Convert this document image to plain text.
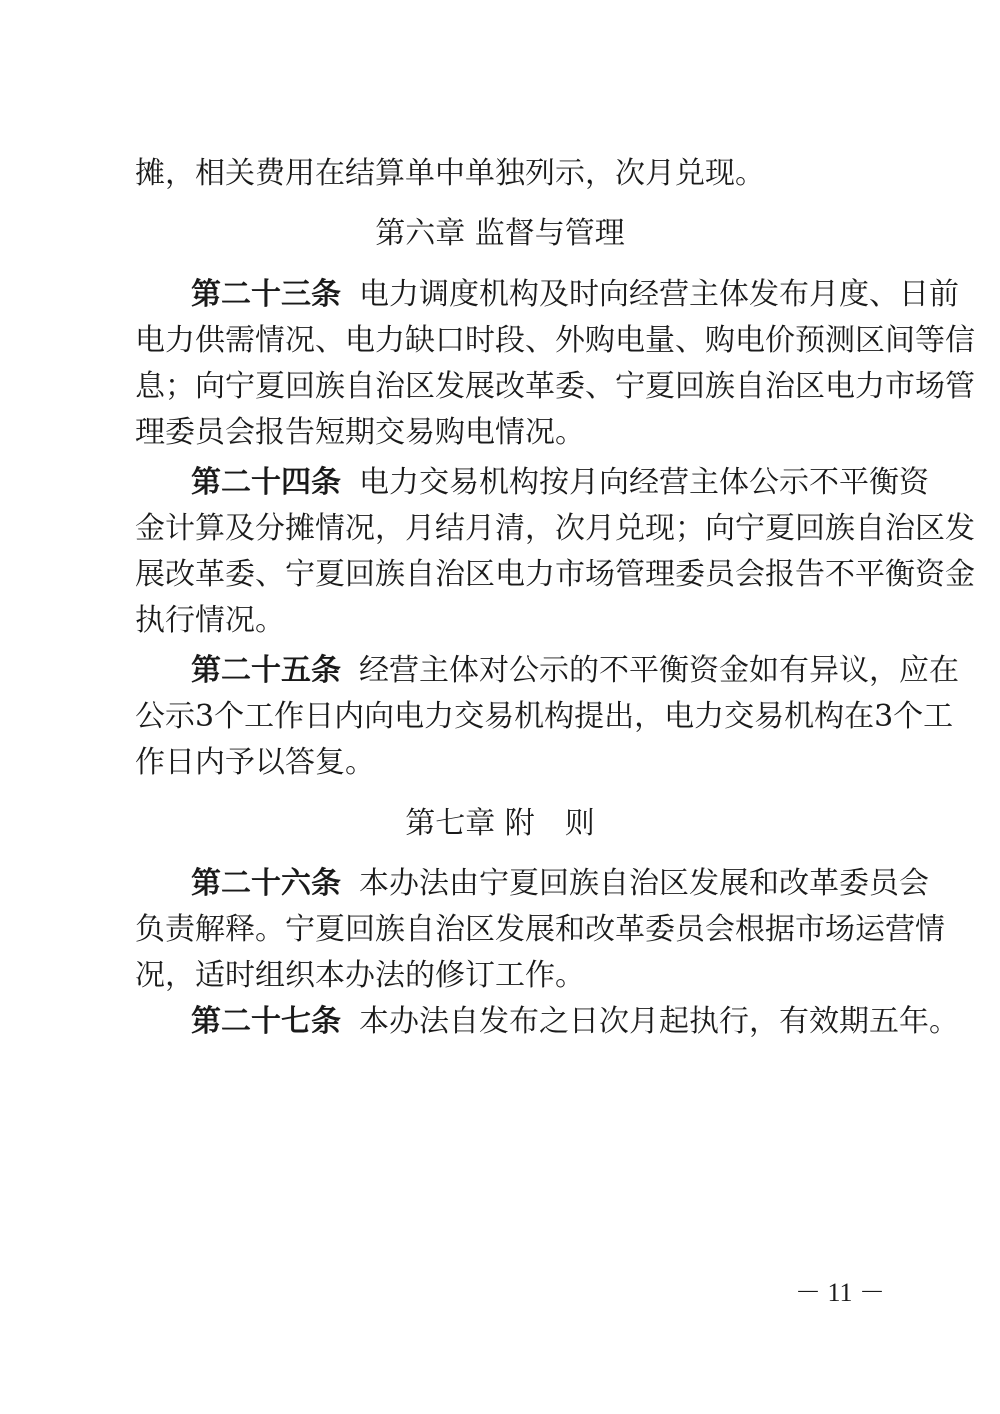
摊，相关费用在结算单中单独列示，次月兑现。
第六章 监督与管理
第二十三条 电力调度机构及时向经营主体发布月度、日前
电力供需情况、电力缺口时段、外购电量、购电价预测区间等信
息；向宁夏回族自治区发展改革委、宁夏回族自治区电力市场管
理委员会报告短期交易购电情况。
第二十四条 电力交易机构按月向经营主体公示不平衡资
金计算及分摊情况，月结月清，次月兑现；向宁夏回族自治区发
展改革委、宁夏回族自治区电力市场管理委员会报告不平衡资金
执行情况。
第二十五条 经营主体对公示的不平衡资金如有异议，应在
公示3个工作日内向电力交易机构提出，电力交易机构在3个工
作日内予以答复。
第七章 附　则
第二十六条 本办法由宁夏回族自治区发展和改革委员会
负责解释。宁夏回族自治区发展和改革委员会根据市场运营情
况，适时组织本办法的修订工作。
第二十七条 本办法自发布之日次月起执行，有效期五年。
－ 11 －
